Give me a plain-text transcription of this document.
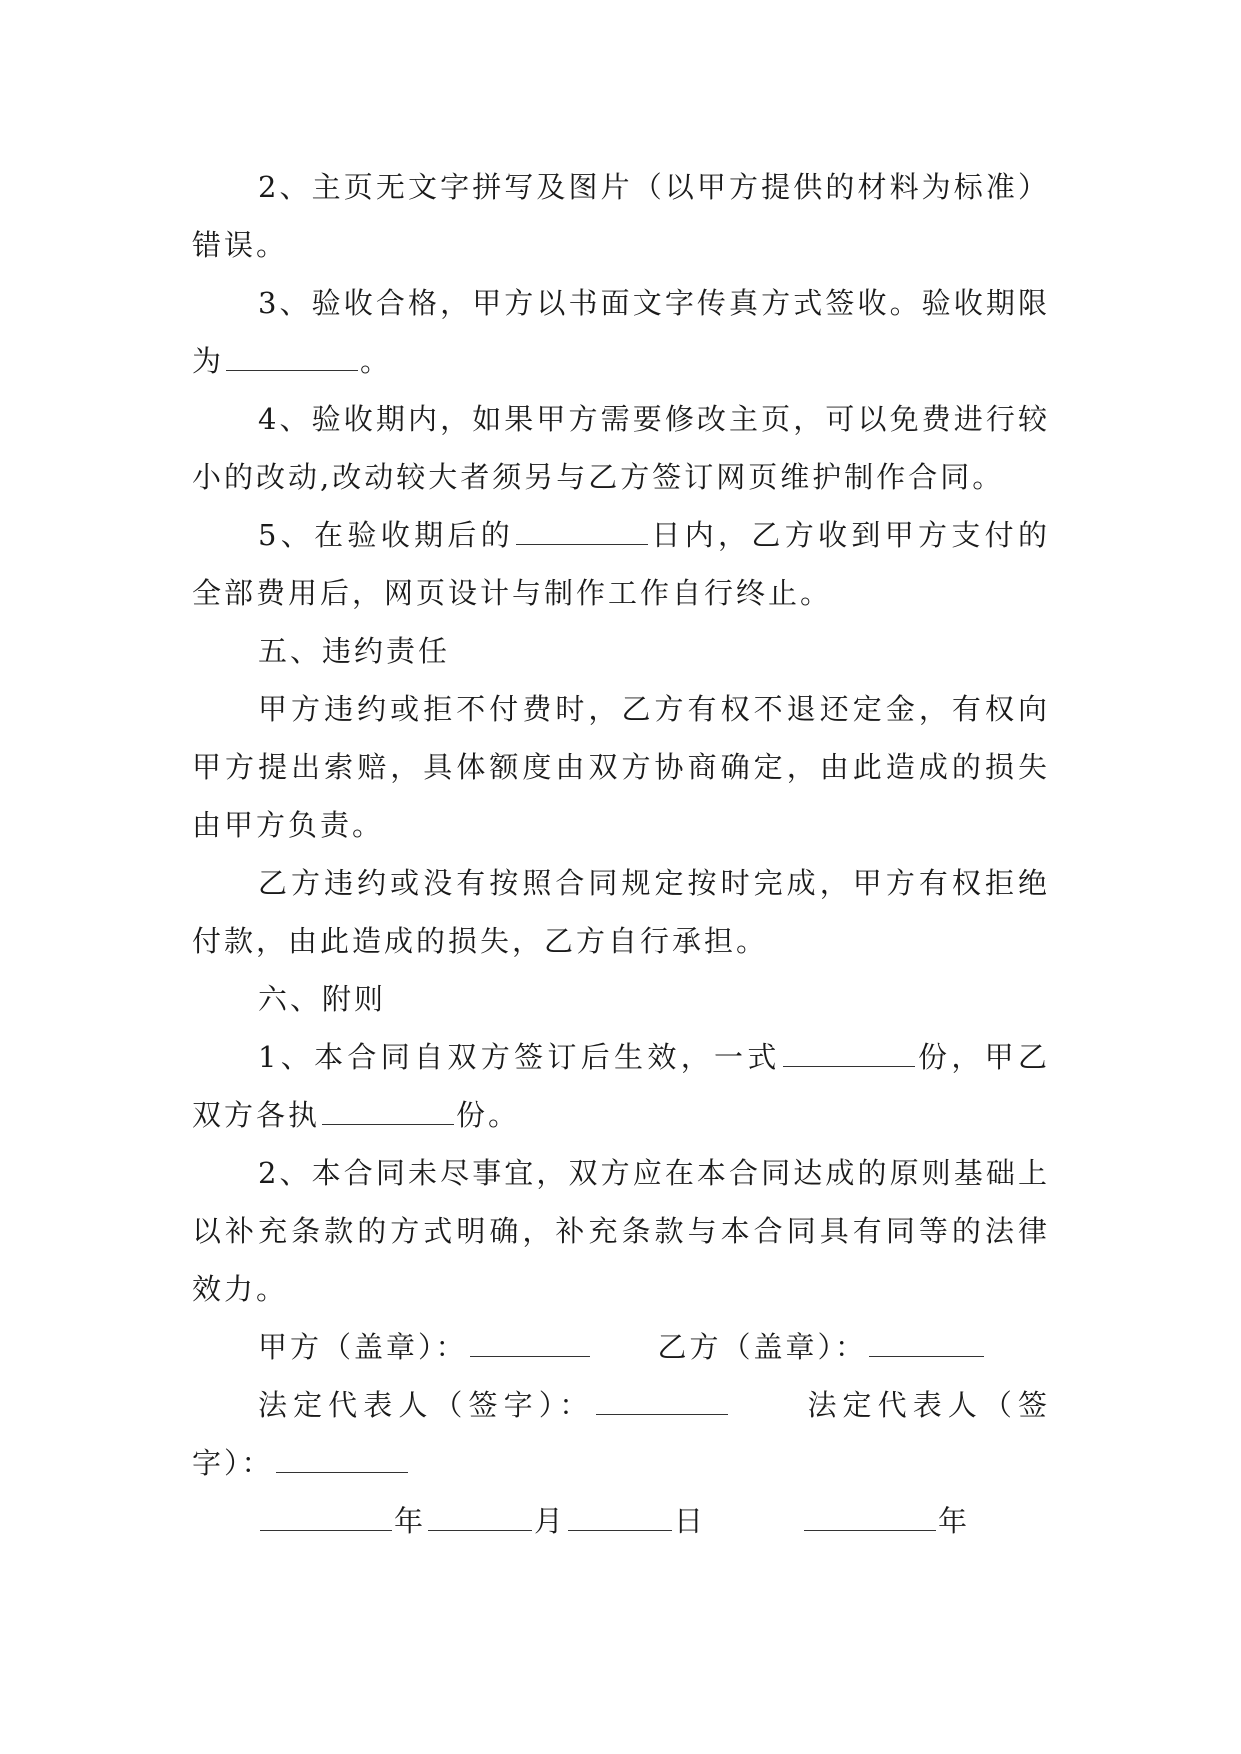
2、主页无文字拼写及图片（以甲方提供的材料为标准）错误。

3、验收合格，甲方以书面文字传真方式签收。验收期限为	。

4、验收期内，如果甲方需要修改主页，可以免费进行较小的改动,改动较大者须另与乙方签订网页维护制作合同。

5、在验收期后的	日内，乙方收到甲方支付的全部费用后，网页设计与制作工作自行终止。

五、违约责任

甲方违约或拒不付费时，乙方有权不退还定金，有权向甲方提出索赔，具体额度由双方协商确定，由此造成的损失由甲方负责。

乙方违约或没有按照合同规定按时完成，甲方有权拒绝付款，由此造成的损失，乙方自行承担。

六、附则

1、本合同自双方签订后生效，一式	份，甲乙双方各执	份。

2、本合同未尽事宜，双方应在本合同达成的原则基础上以补充条款的方式明确，补充条款与本合同具有同等的法律效力。

甲方（盖章）：	乙方（盖章）：

法定代表人（签字）：	法定代表人（签字）：

年	月	日	年
